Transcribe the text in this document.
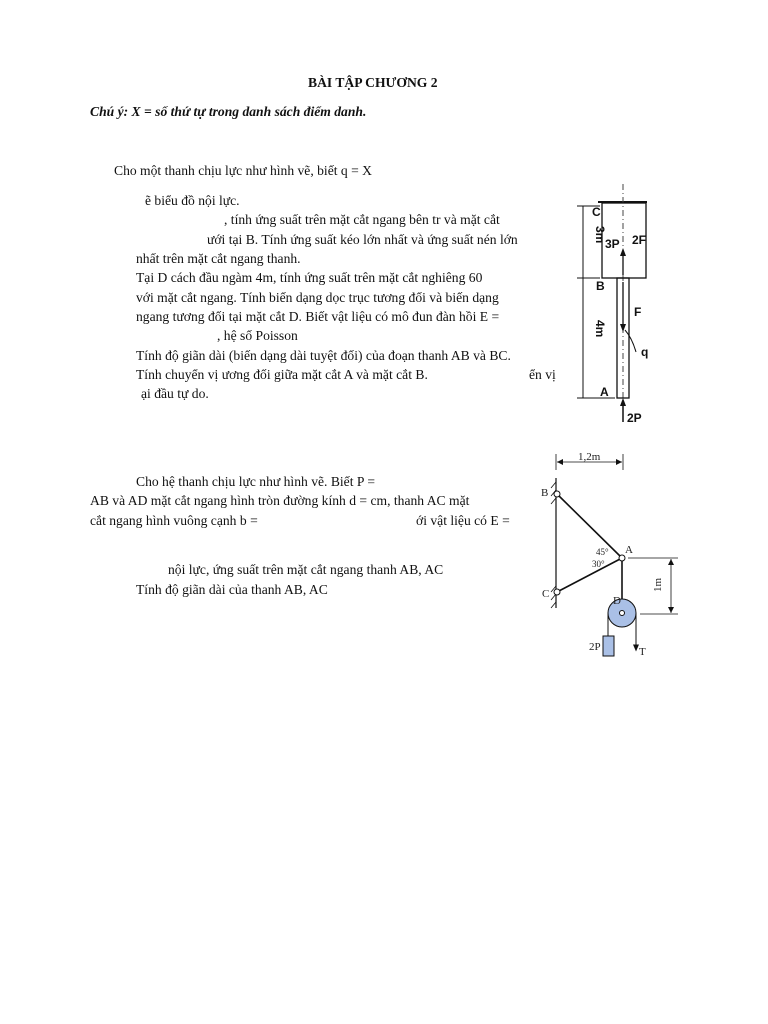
BÀI TẬP CHƯƠNG 2
Chú ý: X = số thứ tự trong danh sách điểm danh.
Cho một thanh chịu lực như hình vẽ, biết q = X
ẽ biểu đồ nội lực.
, tính ứng suất trên mặt cắt ngang bên tr và mặt cắt
ưới tại B. Tính ứng suất kéo lớn nhất và ứng suất nén lớn
nhất trên mặt cắt ngang thanh.
Tại D cách đầu ngàm 4m, tính ứng suất trên mặt cắt nghiêng 60
với mặt cắt ngang. Tính biến dạng dọc trục tương đối và biến dạng
ngang tương đối tại mặt cắt D. Biết vật liệu có mô đun đàn hồi E =
, hệ số Poisson
Tính độ giãn dài (biến dạng dài tuyệt đối) của đoạn thanh AB và BC.
Tính chuyển vị ương đối giữa mặt cắt A và mặt cắt B.	ển vị
ại đầu tự do.
3m
4m
C
B
A
3P 2F
F
q
2P
Cho hệ thanh chịu lực như hình vẽ. Biết P =
AB và AD mặt cắt ngang hình tròn đường kính d = cm, thanh AC mặt
cắt ngang hình vuông cạnh b =	ới vật liệu có E =
nội lực, ứng suất trên mặt cắt ngang thanh AB, AC
Tính độ giãn dài của thanh AB, AC
1,2m
B
C
A
45°
30°
D
2P	T
1m
